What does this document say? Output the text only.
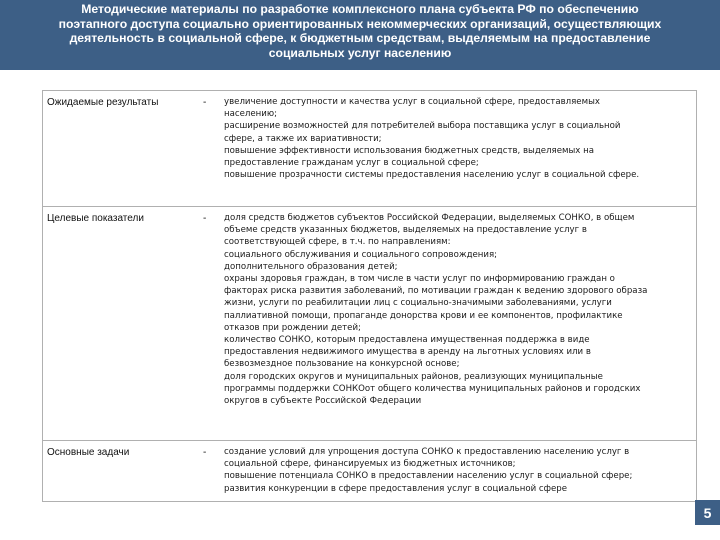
Методические материалы по разработке комплексного плана субъекта РФ по обеспечению
поэтапного доступа социально ориентированных некоммерческих организаций, осуществляющих
деятельность в социальной сфере, к бюджетным средствам, выделяемым на предоставление
социальных услуг населению
Ожидаемые результаты	- увеличение доступности и качества услуг в социальной сфере, предоставляемых
населению;
расширение возможностей для потребителей выбора поставщика услуг в социальной
сфере, а также их вариативности;
повышение эффективности использования бюджетных средств, выделяемых на
предоставление гражданам услуг в социальной сфере;
повышение прозрачности системы предоставления населению услуг в социальной сфере.
Целевые показатели	- доля средств бюджетов субъектов Российской Федерации, выделяемых СОНКО, в общем
объеме средств указанных бюджетов, выделяемых на предоставление услуг в
соответствующей сфере, в т.ч. по направлениям:
социального обслуживания и социального сопровождения;
дополнительного образования детей;
охраны здоровья граждан, в том числе в части услуг по информированию граждан о
факторах риска развития заболеваний, по мотивации граждан к ведению здорового образа
жизни, услуги по реабилитации лиц с социально-значимыми заболеваниями, услуги
паллиативной помощи, пропаганде донорства крови и ее компонентов, профилактике
отказов при рождении детей;
количество СОНКО, которым предоставлена имущественная поддержка в виде
предоставления недвижимого имущества в аренду на льготных условиях или в
безвозмездное пользование на конкурсной основе;
доля городских округов и муниципальных районов, реализующих муниципальные
программы поддержки СОНКОот общего количества муниципальных районов и городских
округов в субъекте Российской Федерации
Основные задачи	- создание условий для упрощения доступа СОНКО к предоставлению населению услуг в
социальной сфере, финансируемых из бюджетных источников;
повышение потенциала СОНКО в предоставлении населению услуг в социальной сфере;
развития конкуренции в сфере предоставления услуг в социальной сфере
5
